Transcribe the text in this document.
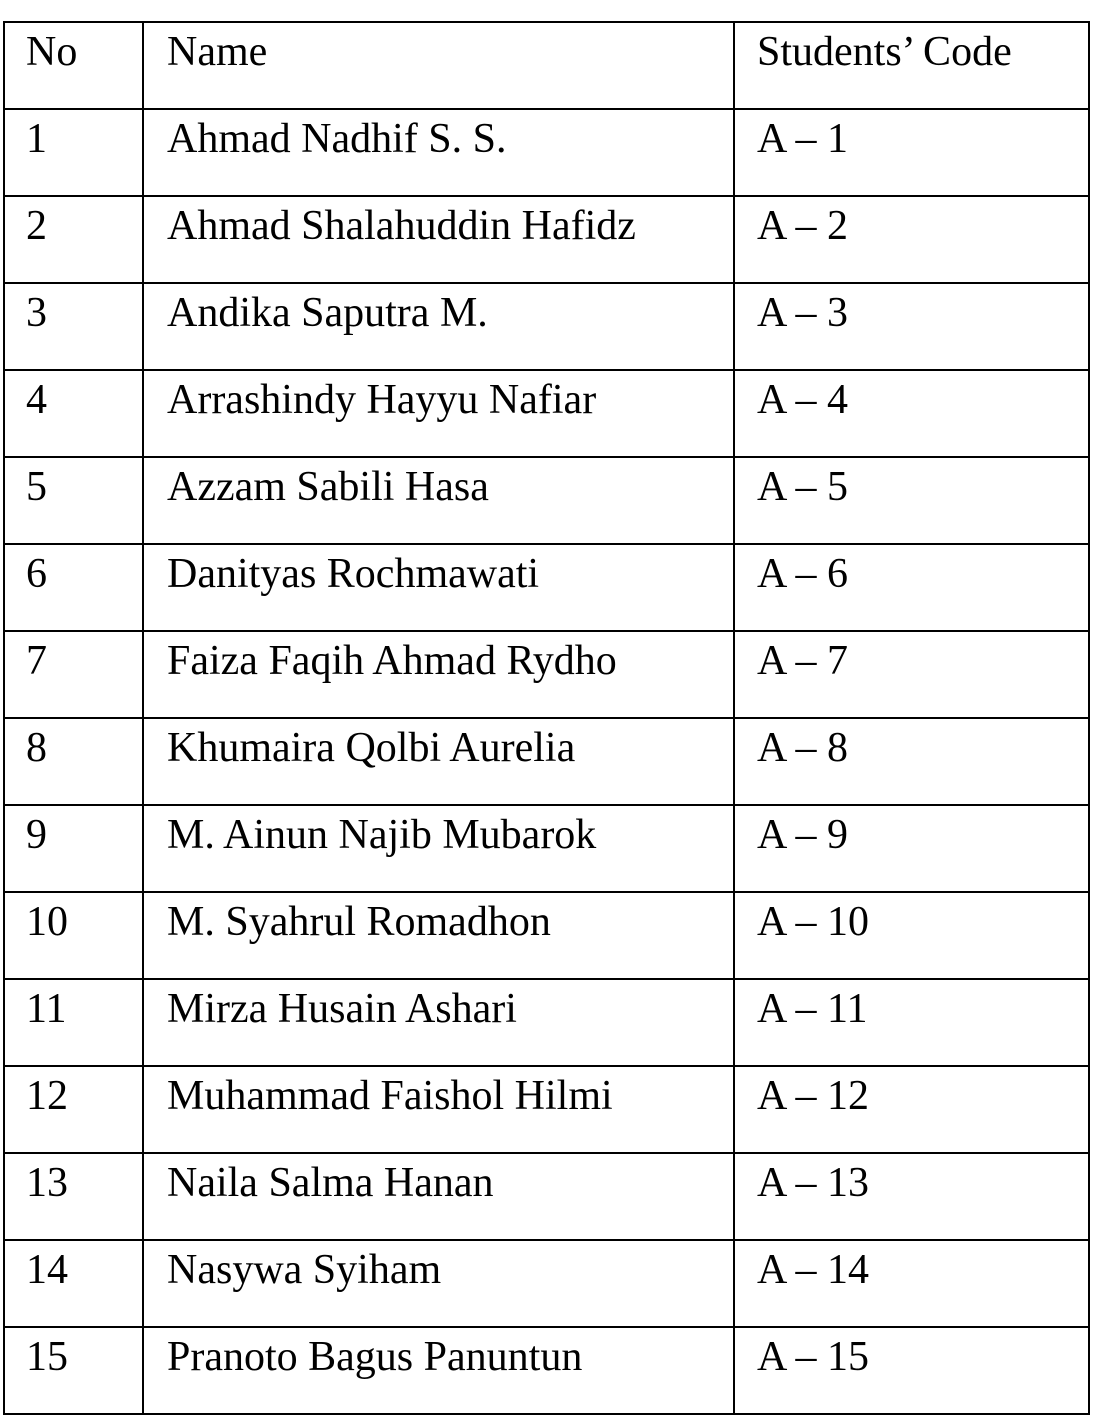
No	Name	Students’ Code
1	Ahmad Nadhif S. S.	A – 1
2	Ahmad Shalahuddin Hafidz	A – 2
3	Andika Saputra M.	A – 3
4	Arrashindy Hayyu Nafiar	A – 4
5	Azzam Sabili Hasa	A – 5
6	Danityas Rochmawati	A – 6
7	Faiza Faqih Ahmad Rydho	A – 7
8	Khumaira Qolbi Aurelia	A – 8
9	M. Ainun Najib Mubarok	A – 9
10	M. Syahrul Romadhon	A – 10
11	Mirza Husain Ashari	A – 11
12	Muhammad Faishol Hilmi	A – 12
13	Naila Salma Hanan	A – 13
14	Nasywa Syiham	A – 14
15	Pranoto Bagus Panuntun	A – 15
